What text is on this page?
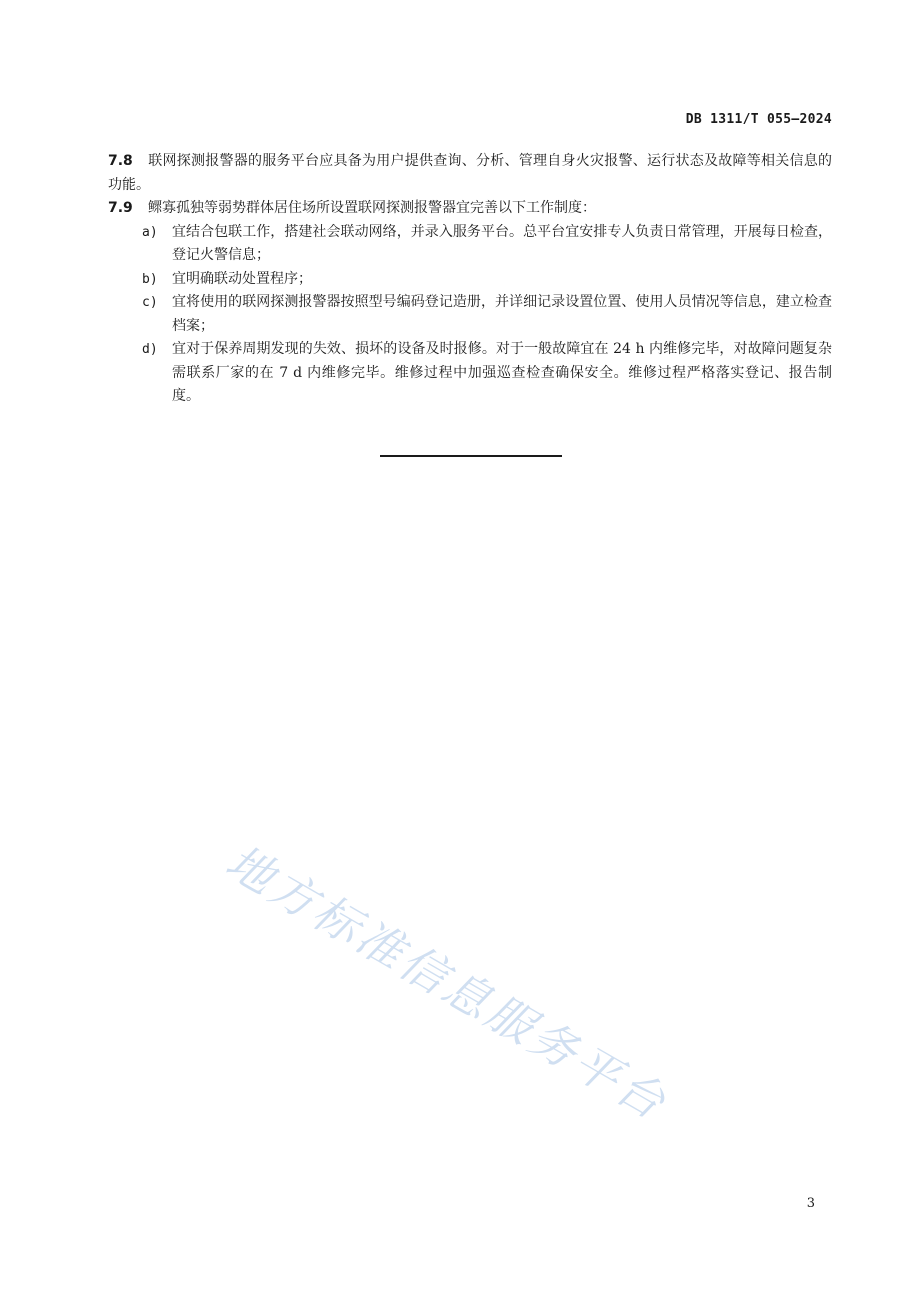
DB 1311/T 055—2024
7.8 联网探测报警器的服务平台应具备为用户提供查询、分析、管理自身火灾报警、运行状态及故障等相关信息的功能。
7.9 鳏寡孤独等弱势群体居住场所设置联网探测报警器宜完善以下工作制度：
a) 宜结合包联工作，搭建社会联动网络，并录入服务平台。总平台宜安排专人负责日常管理，开展每日检查，登记火警信息；
b) 宜明确联动处置程序；
c) 宜将使用的联网探测报警器按照型号编码登记造册，并详细记录设置位置、使用人员情况等信息，建立检查档案；
d) 宜对于保养周期发现的失效、损坏的设备及时报修。对于一般故障宜在 24 h 内维修完毕，对故障问题复杂需联系厂家的在 7 d 内维修完毕。维修过程中加强巡查检查确保安全。维修过程严格落实登记、报告制度。
地方标准信息服务平台
3
